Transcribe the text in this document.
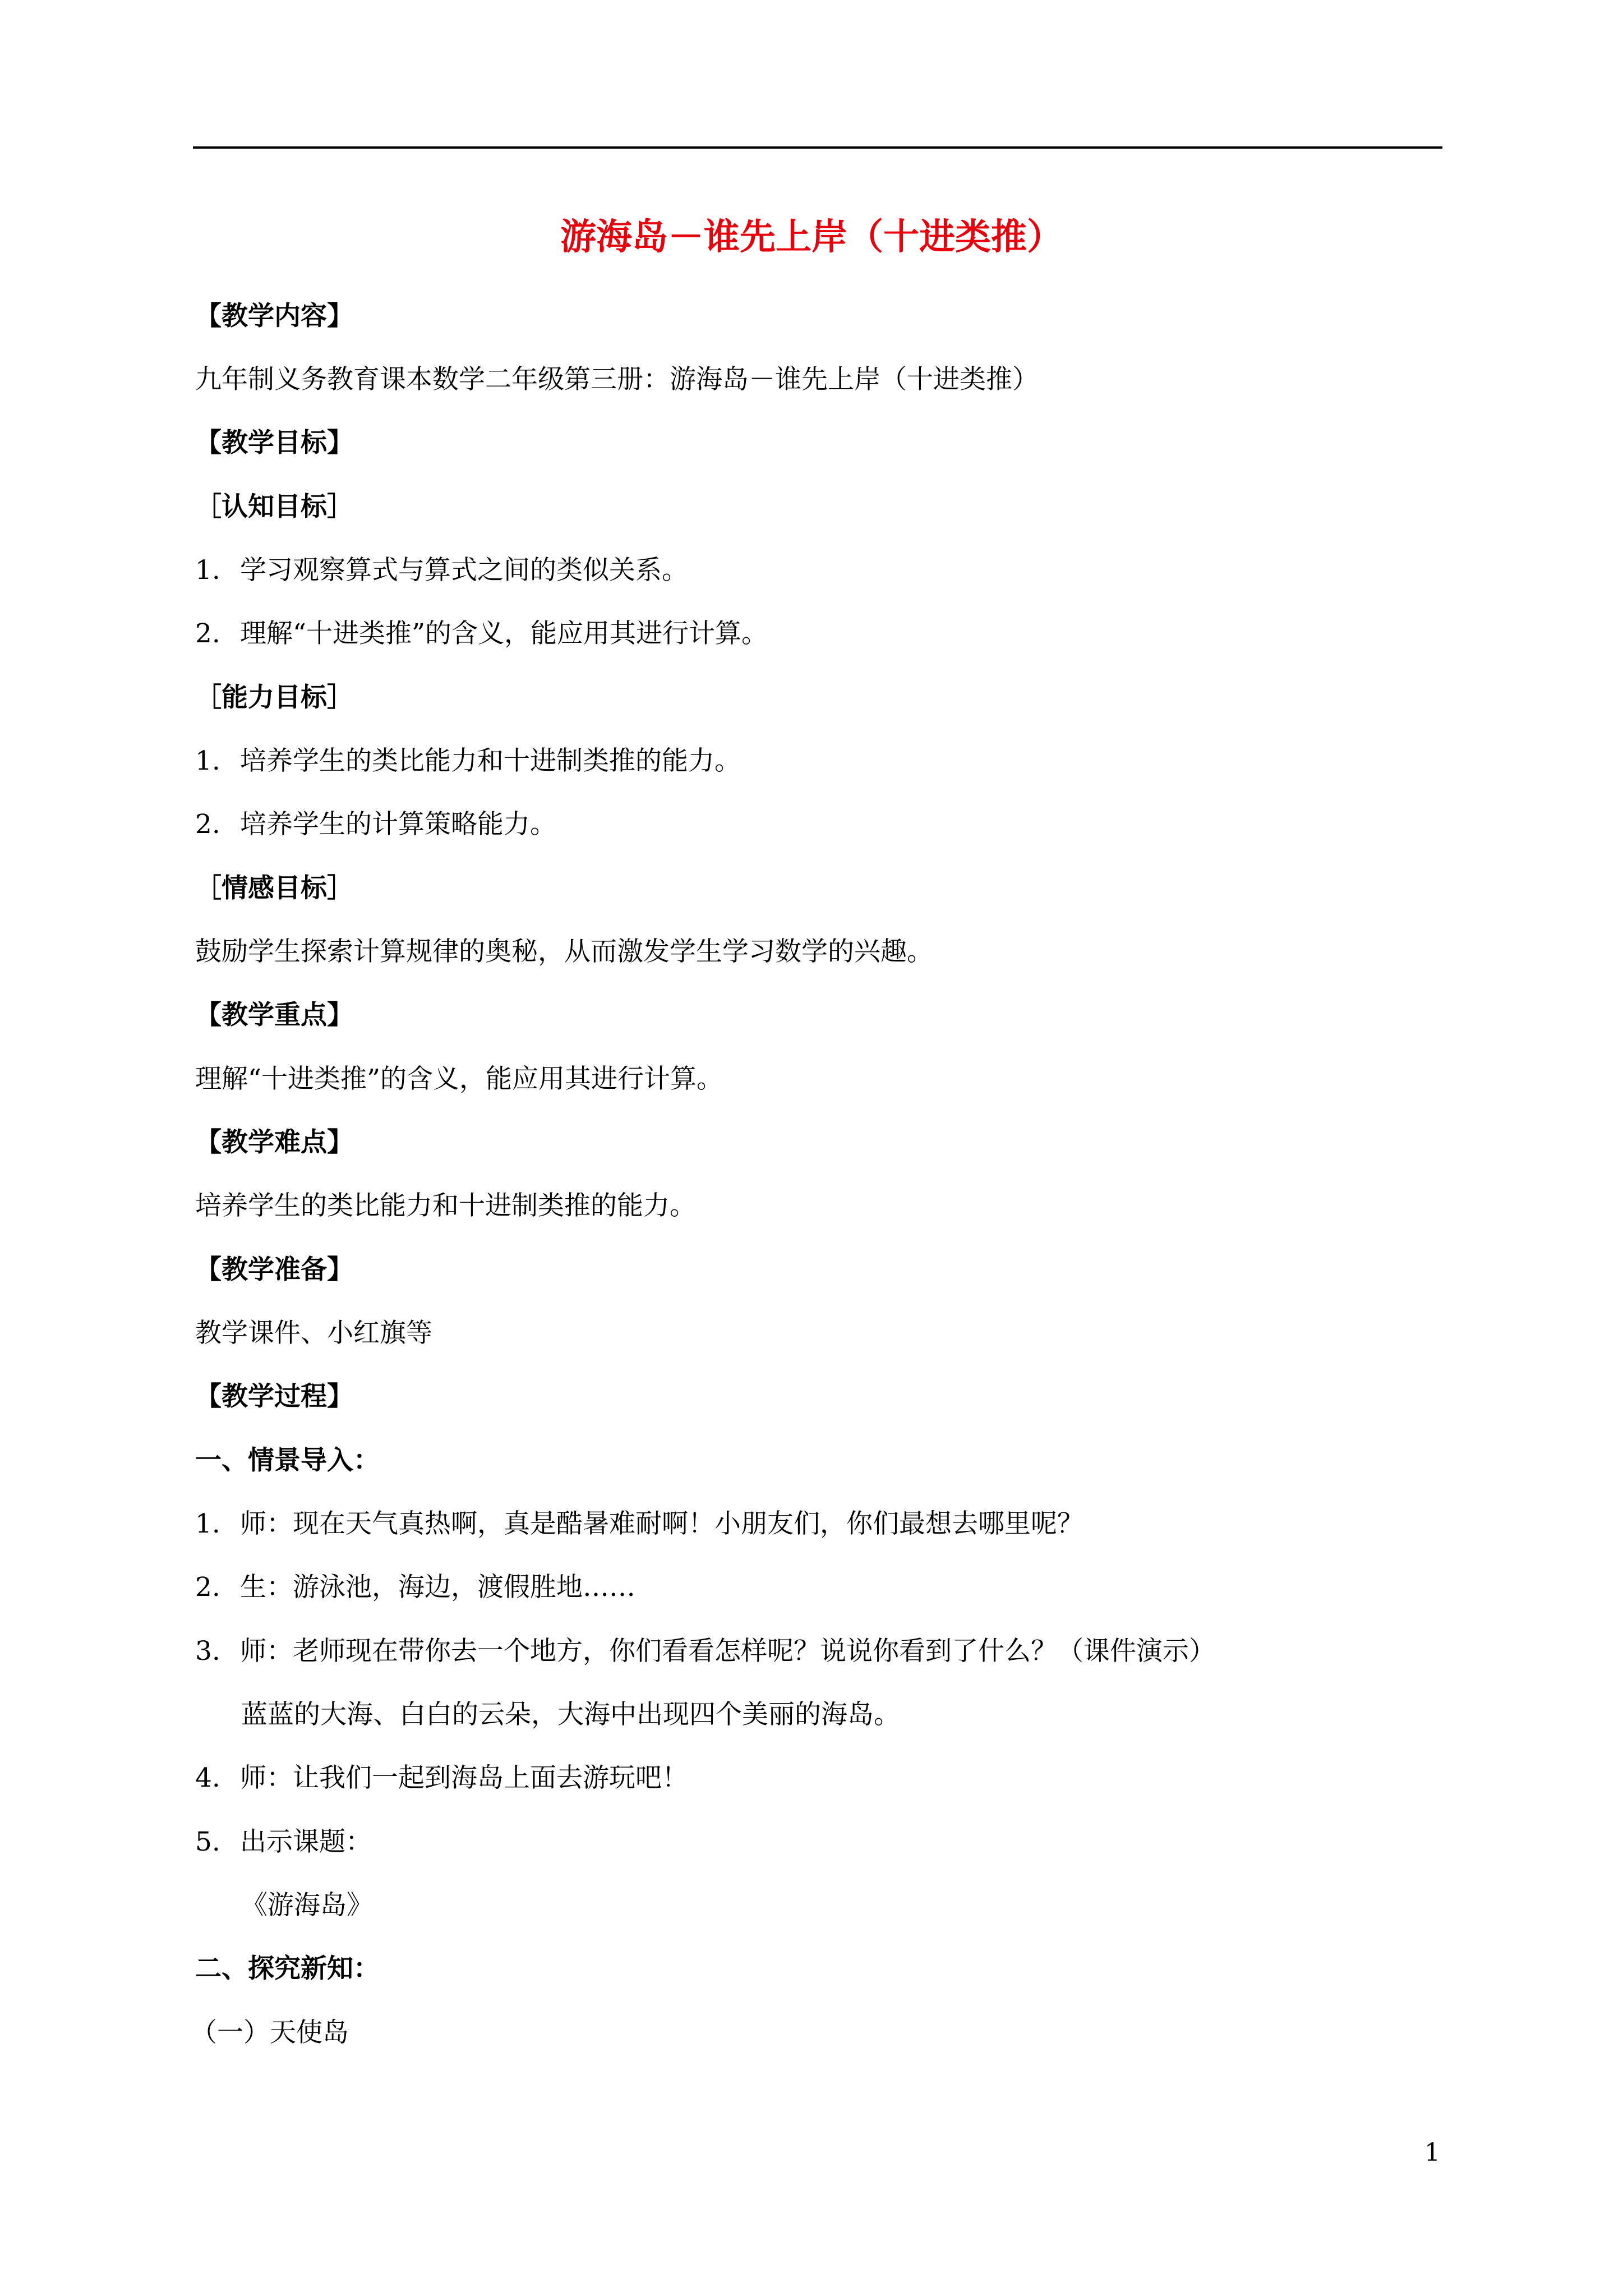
游海岛－谁先上岸（十进类推）
【教学内容】
九年制义务教育课本数学二年级第三册：游海岛－谁先上岸（十进类推）
【教学目标】
［认知目标］
1. 学习观察算式与算式之间的类似关系。
2. 理解“十进类推”的含义，能应用其进行计算。
［能力目标］
1. 培养学生的类比能力和十进制类推的能力。
2. 培养学生的计算策略能力。
［情感目标］
鼓励学生探索计算规律的奥秘，从而激发学生学习数学的兴趣。
【教学重点】
理解“十进类推”的含义，能应用其进行计算。
【教学难点】
培养学生的类比能力和十进制类推的能力。
【教学准备】
教学课件、小红旗等
【教学过程】
一、情景导入：
1. 师：现在天气真热啊，真是酷暑难耐啊！小朋友们，你们最想去哪里呢？
2. 生：游泳池，海边，渡假胜地……
3. 师：老师现在带你去一个地方，你们看看怎样呢？说说你看到了什么？（课件演示）
蓝蓝的大海、白白的云朵，大海中出现四个美丽的海岛。
4. 师：让我们一起到海岛上面去游玩吧！
5. 出示课题：
《游海岛》
二、探究新知：
（一）天使岛
1
